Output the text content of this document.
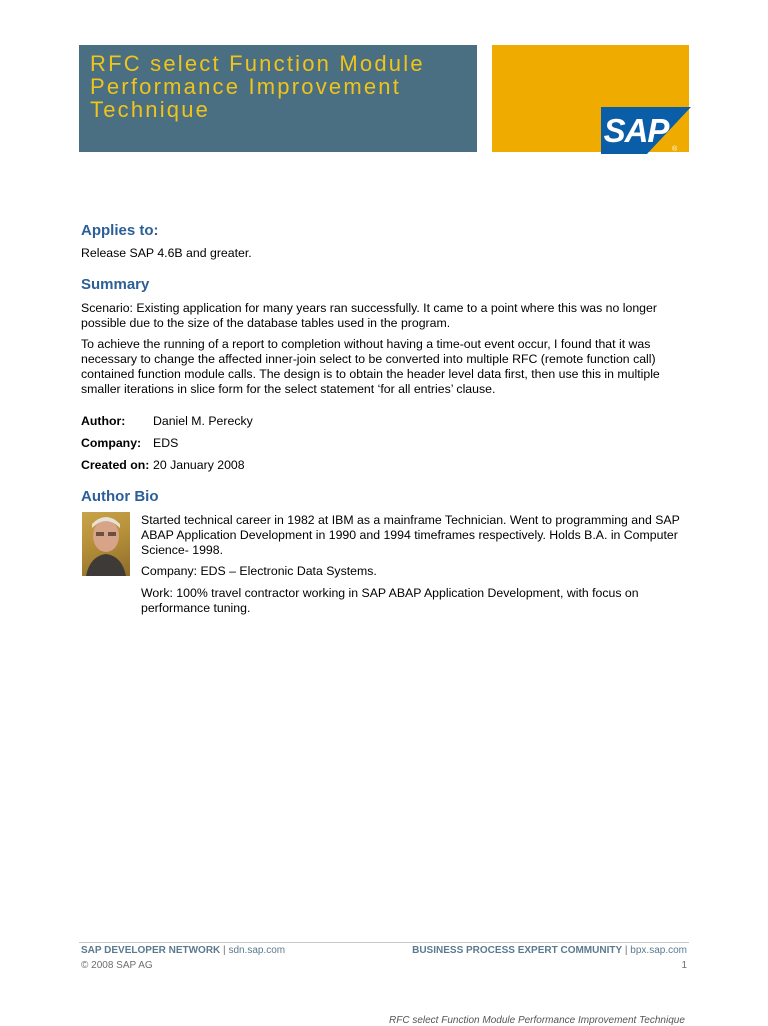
RFC select Function Module
Performance Improvement
Technique
SAP
®
Applies to:

Release SAP 4.6B and greater.

Summary

Scenario: Existing application for many years ran successfully. It came to a point where this was no longer possible due to the size of the database tables used in the program.

To achieve the running of a report to completion without having a time-out event occur, I found that it was necessary to change the affected inner-join select to be converted into multiple RFC (remote function call) contained function module calls. The design is to obtain the header level data first, then use this in multiple smaller iterations in slice form for the select statement ‘for all entries’ clause.

Author: Daniel M. Perecky
Company: EDS
Created on: 20 January 2008
Author Bio

Started technical career in 1982 at IBM as a mainframe Technician. Went to programming and SAP ABAP Application Development in 1990 and 1994 timeframes respectively. Holds B.A. in Computer Science- 1998.

Company: EDS – Electronic Data Systems.

Work: 100% travel contractor working in SAP ABAP Application Development, with focus on performance tuning.

SAP DEVELOPER NETWORK | sdn.sap.com	BUSINESS PROCESS EXPERT COMMUNITY | bpx.sap.com
© 2008 SAP AG	1
RFC select Function Module Performance Improvement Technique
